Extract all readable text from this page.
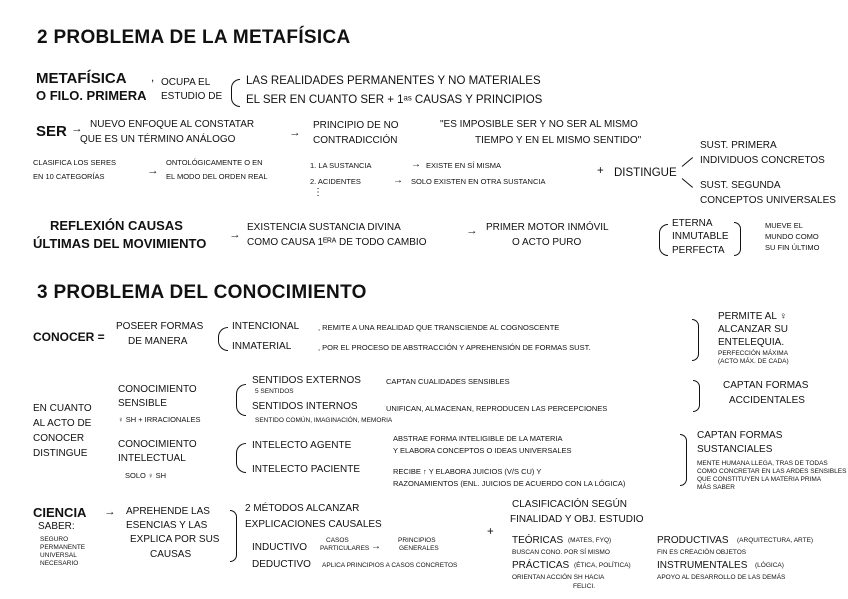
2 PROBLEMA DE LA METAFÍSICA
METAFÍSICA
O FILO. PRIMERA
, OCUPA EL
ESTUDIO DE
LAS REALIDADES PERMANENTES Y NO MATERIALES
EL SER EN CUANTO SER + 1ᵃˢ CAUSAS Y PRINCIPIOS
SER → NUEVO ENFOQUE AL CONSTATAR
QUE ES UN TÉRMINO ANÁLOGO
→
PRINCIPIO DE NO
CONTRADICCIÓN
"ES IMPOSIBLE SER Y NO SER AL MISMO
TIEMPO Y EN EL MISMO SENTIDO"
CLASIFICA LOS SERES
EN 10 CATEGORÍAS	→
ONTOLÓGICAMENTE O EN
EL MODO DEL ORDEN REAL
1. LA SUSTANCIA	→ EXISTE EN SÍ MISMA
2. ACIDENTES	→ SOLO EXISTEN EN OTRA SUSTANCIA
⋮
+ DISTINGUE
SUST. PRIMERA
INDIVIDUOS CONCRETOS
SUST. SEGUNDA
CONCEPTOS UNIVERSALES
REFLEXIÓN CAUSAS
ÚLTIMAS DEL MOVIMIENTO
→
EXISTENCIA SUSTANCIA DIVINA
COMO CAUSA 1ᴱᴿᴬ DE TODO CAMBIO
→ PRIMER MOTOR INMÓVIL
O ACTO PURO
ETERNA
INMUTABLE
PERFECTA
MUEVE EL
MUNDO COMO
SU FIN ÚLTIMO
3 PROBLEMA DEL CONOCIMIENTO
CONOCER =
POSEER FORMAS
DE MANERA
INTENCIONAL	, REMITE A UNA REALIDAD QUE TRANSCIENDE AL COGNOSCENTE
INMATERIAL	, POR EL PROCESO DE ABSTRACCIÓN Y APREHENSIÓN DE FORMAS SUST.
PERMITE AL ♀
ALCANZAR SU
ENTELEQUIA.
PERFECCIÓN MÁXIMA
(ACTO MÁX. DE CADA)
EN CUANTO
AL ACTO DE
CONOCER
DISTINGUE
CONOCIMIENTO
SENSIBLE
♀ SH + IRRACIONALES
SENTIDOS EXTERNOS	CAPTAN CUALIDADES SENSIBLES
5 SENTIDOS
SENTIDOS INTERNOS	UNIFICAN, ALMACENAN, REPRODUCEN LAS PERCEPCIONES
SENTIDO COMÚN, IMAGINACIÓN, MEMORIA
CAPTAN FORMAS
ACCIDENTALES
CONOCIMIENTO
INTELECTUAL
SOLO ♀ SH
INTELECTO AGENTE
ABSTRAE FORMA INTELIGIBLE DE LA MATERIA
Y ELABORA CONCEPTOS O IDEAS UNIVERSALES
INTELECTO PACIENTE	RECIBE ↑ Y ELABORA JUICIOS (V/S CU) Y
RAZONAMIENTOS (ENL. JUICIOS DE ACUERDO CON LA LÓGICA)
CAPTAN FORMAS
SUSTANCIALES
MENTE HUMANA LLEGA, TRAS DE TODAS
COMO CONCRETAR EN LAS ARDES SENSIBLES
QUE CONSTITUYEN LA MATERIA PRIMA
MÁS SABER
CIENCIA
SABER:
SEGURO
PERMANENTE
UNIVERSAL
NECESARIO
→ APREHENDE LAS
ESENCIAS Y LAS
EXPLICA POR SUS
CAUSAS
2 MÉTODOS ALCANZAR
EXPLICACIONES CAUSALES
INDUCTIVO
CASOS
PARTICULARES →
PRINCIPIOS
GENERALES
DEDUCTIVO APLICA PRINCIPIOS A CASOS CONCRETOS
+
CLASIFICACIÓN SEGÚN
FINALIDAD Y OBJ. ESTUDIO
TEÓRICAS (MATES, FYQ)
BUSCAN CONO. POR SÍ MISMO
PRODUCTIVAS (ARQUITECTURA, ARTE)
FIN ES CREACIÓN OBJETOS
PRÁCTICAS (ÉTICA, POLÍTICA)
ORIENTAN ACCIÓN SH HACIA
FELICI.
INSTRUMENTALES (LÓGICA)
APOYO AL DESARROLLO DE LAS DEMÁS
